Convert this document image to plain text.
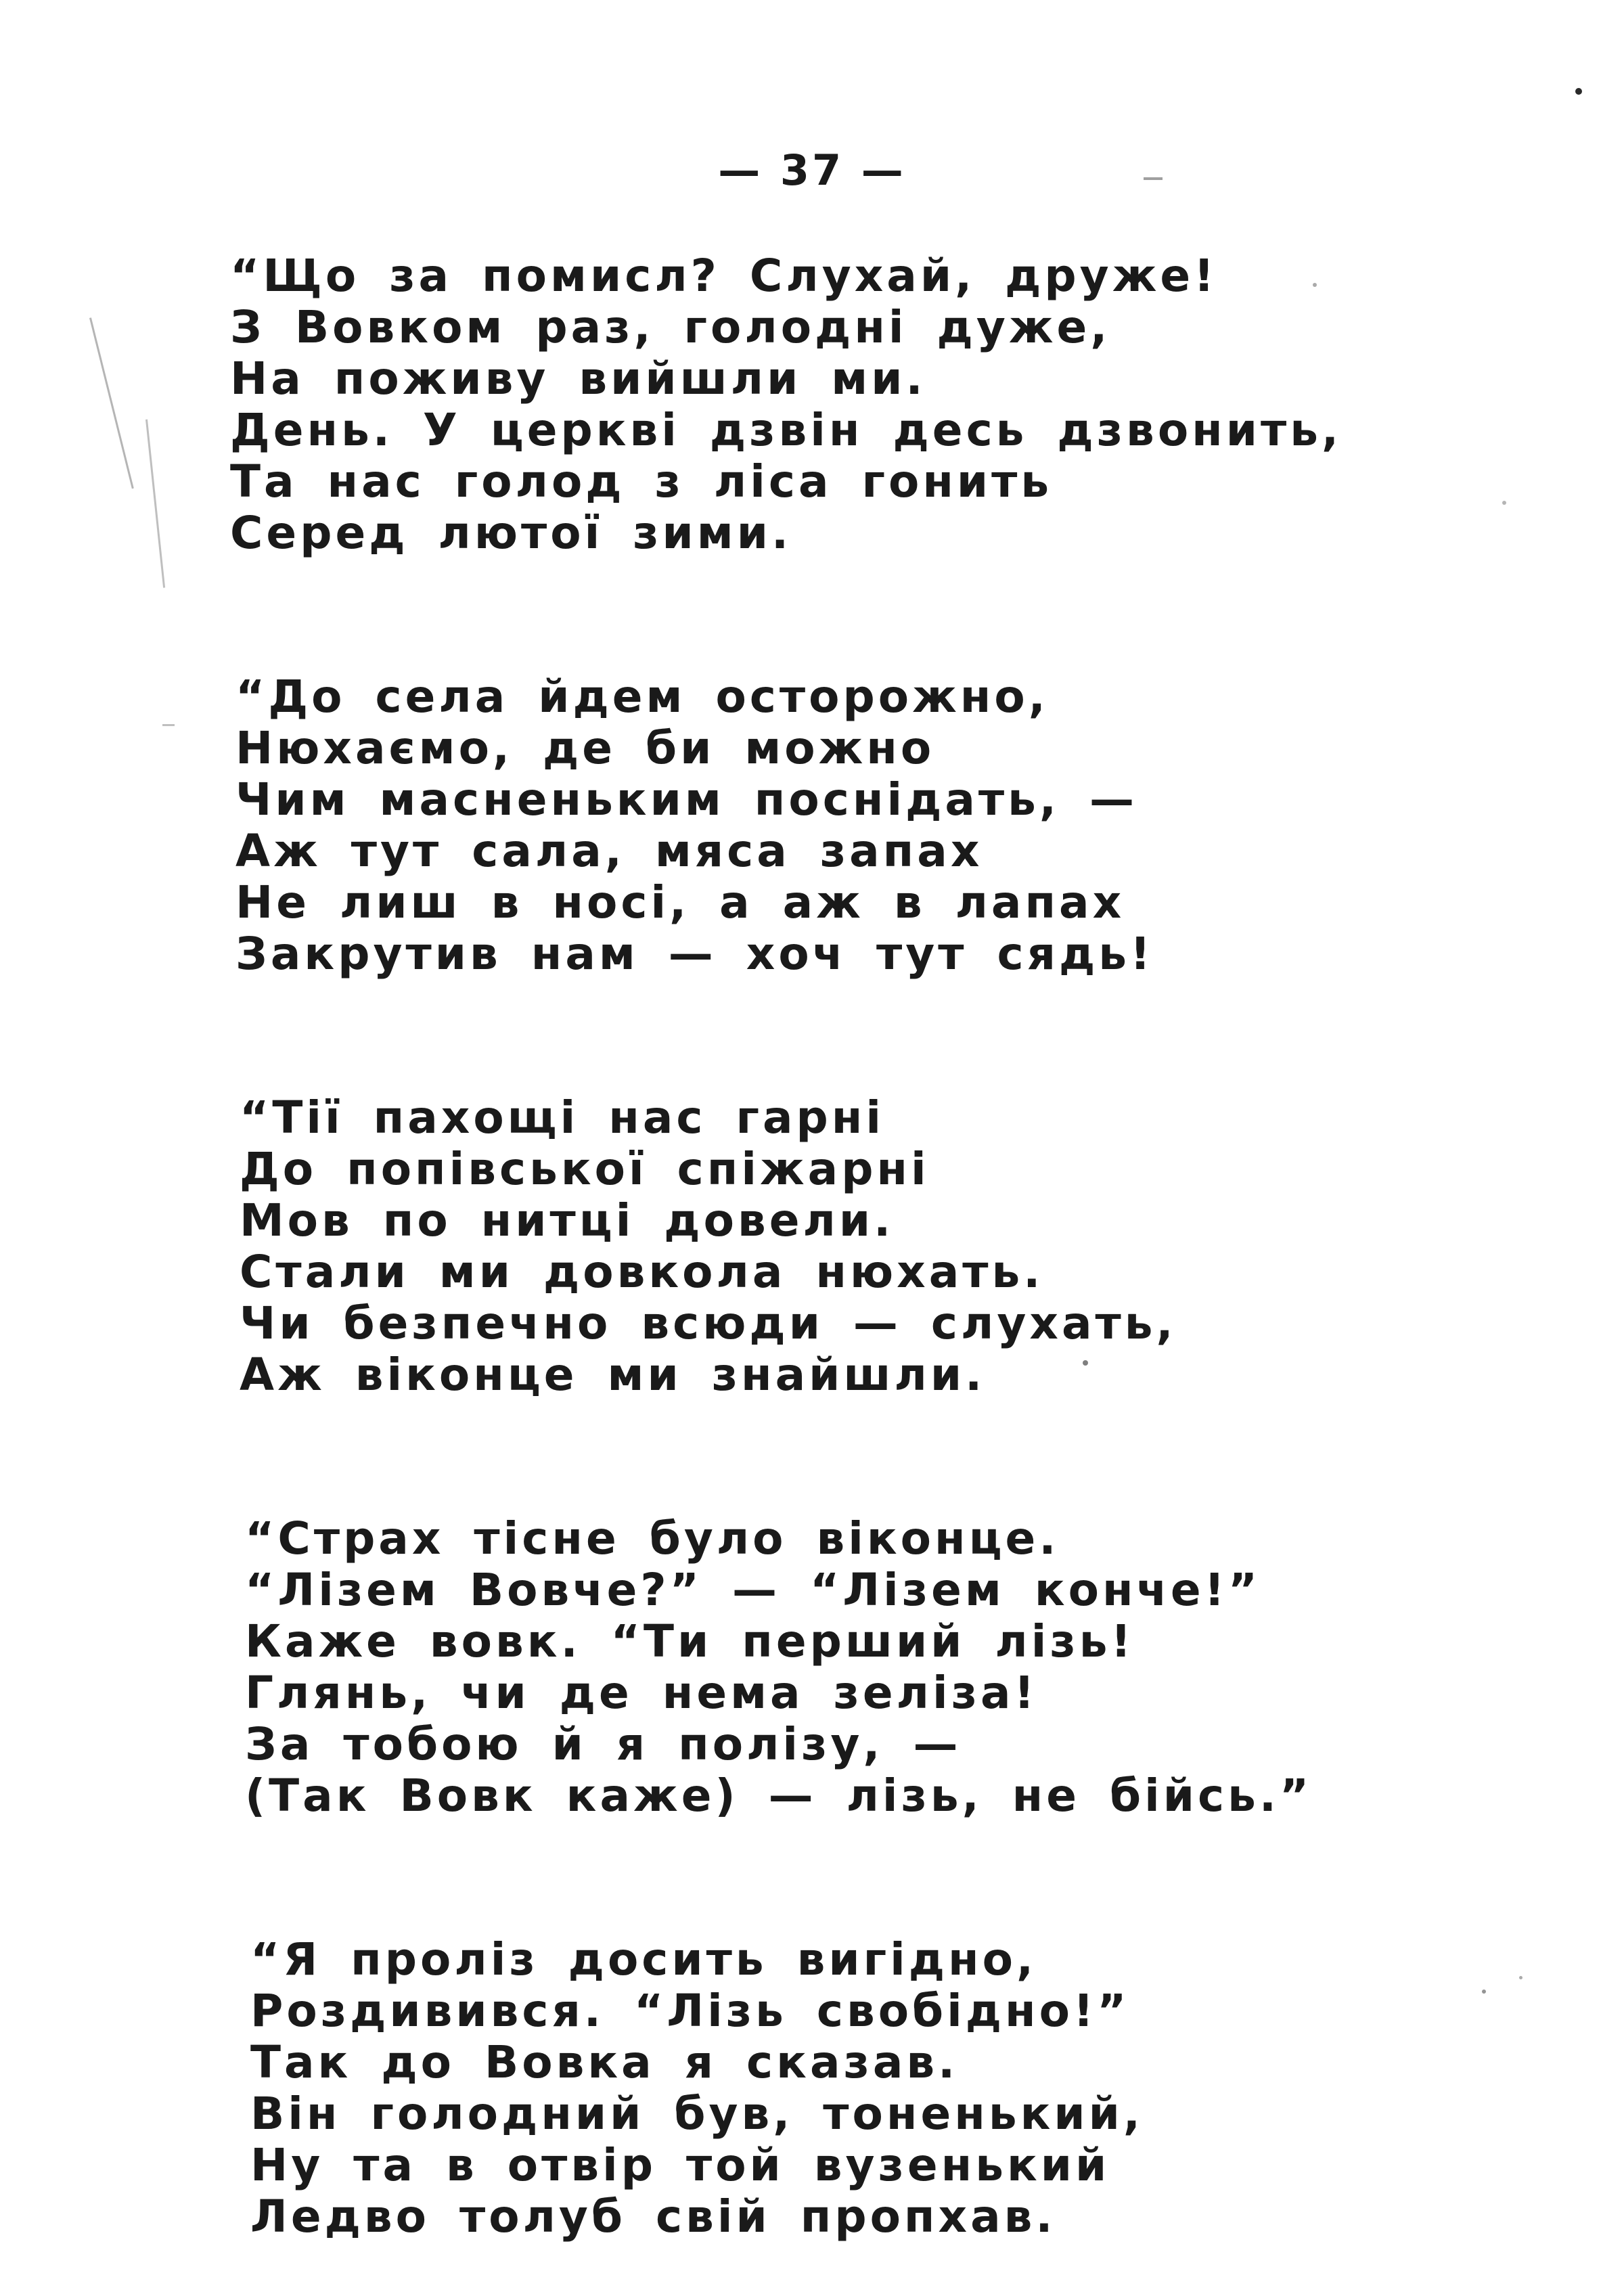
— 37 —
“Що за помисл? Слухай, друже!
З Вовком раз, голодні дуже,
На поживу вийшли ми.
День. У церкві дзвін десь дзвонить,
Та нас голод з ліса гонить
Серед лютої зими.
“До села йдем осторожно,
Нюхаємо, де би можно
Чим масненьким поснідать, —
Аж тут сала, мяса запах
Не лиш в носі, а аж в лапах
Закрутив нам — хоч тут сядь!
“Тії пахощі нас гарні
До попівської спіжарні
Мов по нитці довели.
Стали ми довкола нюхать.
Чи безпечно всюди — слухать,
Аж віконце ми знайшли.
“Страх тісне було віконце.
“Лізем Вовче?” — “Лізем конче!”
Каже вовк. “Ти перший лізь!
Глянь, чи де нема зеліза!
За тобою й я полізу, —
(Так Вовк каже) — лізь, не бійсь.”
“Я проліз досить вигідно,
Роздивився. “Лізь свобідно!”
Так до Вовка я сказав.
Він голодний був, тоненький,
Ну та в отвір той вузенький
Ледво толуб свій пропхав.
